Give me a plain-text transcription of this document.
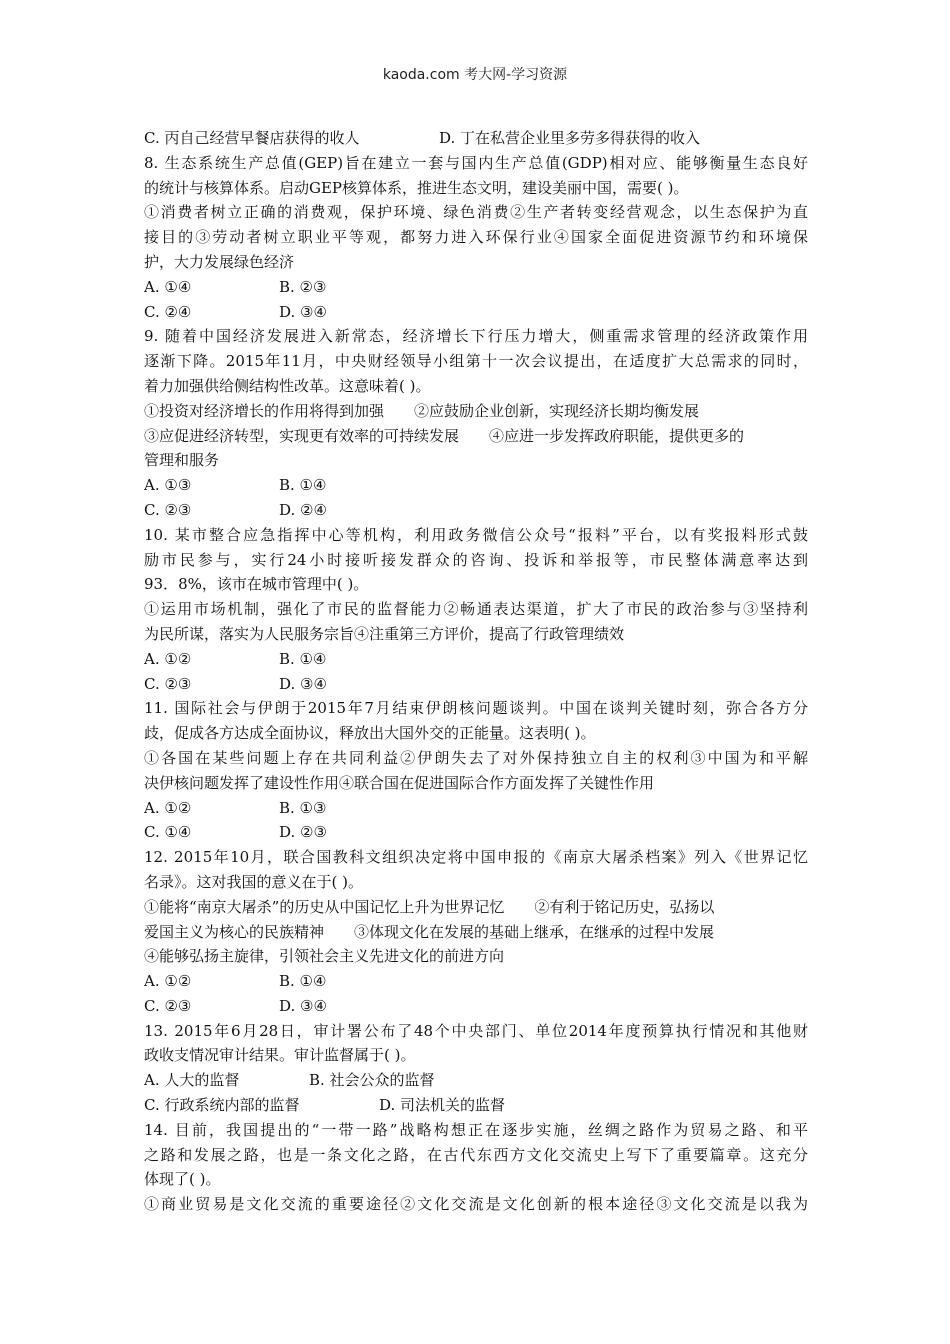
kaoda.com 考大网-学习资源
C. 丙自己经营早餐店获得的收人	D. 丁在私营企业里多劳多得获得的收入
8. 生态系统生产总值(GEP)旨在建立一套与国内生产总值(GDP)相对应、能够衡量生态良好
的统计与核算体系。启动GEP核算体系，推进生态文明，建设美丽中国，需要( )。
①消费者树立正确的消费观，保护环境、绿色消费②生产者转变经营观念，以生态保护为直
接目的③劳动者树立职业平等观，都努力进入环保行业④国家全面促进资源节约和环境保
护，大力发展绿色经济
A. ①④	B. ②③
C. ②④	D. ③④
9. 随着中国经济发展进入新常态，经济增长下行压力增大，侧重需求管理的经济政策作用
逐渐下降。2015年11月，中央财经领导小组第十一次会议提出，在适度扩大总需求的同时，
着力加强供给侧结构性改革。这意味着( )。
①投资对经济增长的作用将得到加强 ②应鼓励企业创新，实现经济长期均衡发展
③应促进经济转型，实现更有效率的可持续发展 ④应进一步发挥政府职能，提供更多的
管理和服务
A. ①③	B. ①④
C. ②③	D. ②④
10. 某市整合应急指挥中心等机构，利用政务微信公众号“报料”平台，以有奖报料形式鼓
励市民参与，实行24小时接听接发群众的咨询、投诉和举报等，市民整体满意率达到
93．8%，该市在城市管理中( )。
①运用市场机制，强化了市民的监督能力②畅通表达渠道，扩大了市民的政治参与③坚持利
为民所谋，落实为人民服务宗旨④注重第三方评价，提高了行政管理绩效
A. ①②	B. ①④
C. ②③	D. ③④
11. 国际社会与伊朗于2015年7月结束伊朗核问题谈判。中国在谈判关键时刻，弥合各方分
歧，促成各方达成全面协议，释放出大国外交的正能量。这表明( )。
①各国在某些问题上存在共同利益②伊朗失去了对外保持独立自主的权利③中国为和平解
决伊核问题发挥了建设性作用④联合国在促进国际合作方面发挥了关键性作用
A. ①②	B. ①③
C. ①④	D. ②③
12. 2015年10月，联合国教科文组织决定将中国申报的《南京大屠杀档案》列入《世界记忆
名录》。这对我国的意义在于( )。
①能将“南京大屠杀”的历史从中国记忆上升为世界记忆 ②有利于铭记历史，弘扬以
爱国主义为核心的民族精神 ③体现文化在发展的基础上继承，在继承的过程中发展
④能够弘扬主旋律，引领社会主义先进文化的前进方向
A. ①②	B. ①④
C. ②③	D. ③④
13. 2015年6月28日，审计署公布了48个中央部门、单位2014年度预算执行情况和其他财
政收支情况审计结果。审计监督属于( )。
A. 人大的监督	B. 社会公众的监督
C. 行政系统内部的监督	D. 司法机关的监督
14. 目前，我国提出的“一带一路”战略构想正在逐步实施，丝绸之路作为贸易之路、和平
之路和发展之路，也是一条文化之路，在古代东西方文化交流史上写下了重要篇章。这充分
体现了( )。
①商业贸易是文化交流的重要途径②文化交流是文化创新的根本途径③文化交流是以我为
